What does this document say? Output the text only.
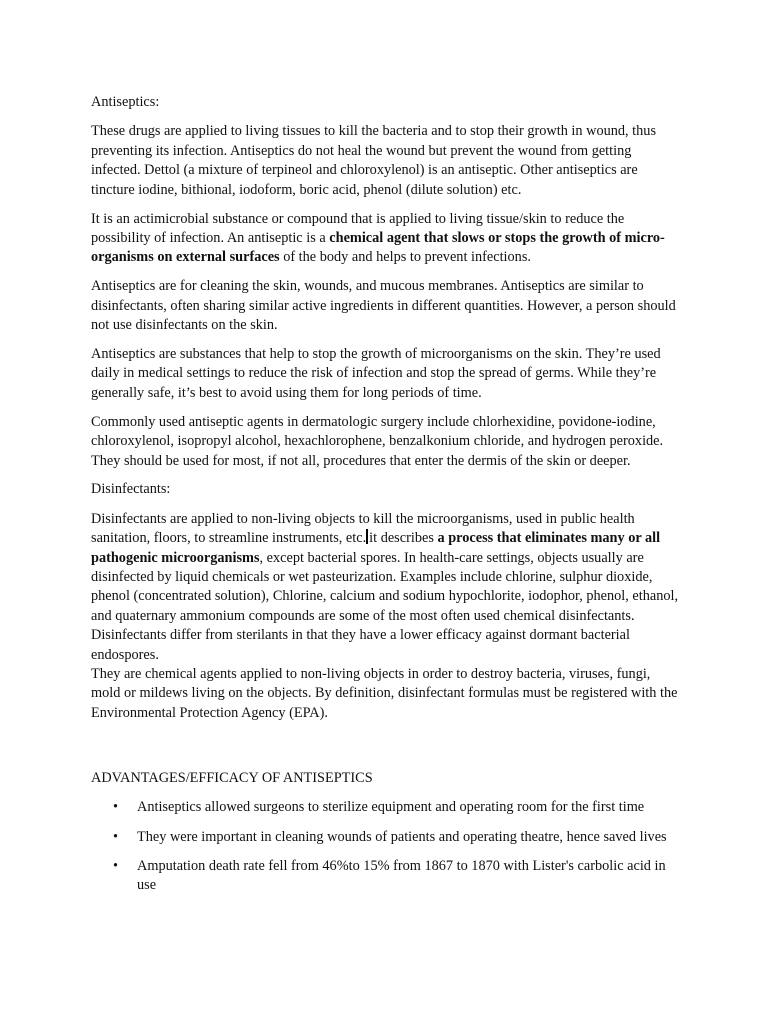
Antiseptics:

These drugs are applied to living tissues to kill the bacteria and to stop their growth in wound, thus preventing its infection. Antiseptics do not heal the wound but prevent the wound from getting infected. Dettol (a mixture of terpineol and chloroxylenol) is an antiseptic. Other antiseptics are tincture iodine, bithional, iodoform, boric acid, phenol (dilute solution) etc.

It is an actimicrobial substance or compound that is applied to living tissue/skin to reduce the possibility of infection. An antiseptic is a chemical agent that slows or stops the growth of micro-organisms on external surfaces of the body and helps to prevent infections.

Antiseptics are for cleaning the skin, wounds, and mucous membranes. Antiseptics are similar to disinfectants, often sharing similar active ingredients in different quantities. However, a person should not use disinfectants on the skin.

Antiseptics are substances that help to stop the growth of microorganisms on the skin. They’re used daily in medical settings to reduce the risk of infection and stop the spread of germs. While they’re generally safe, it’s best to avoid using them for long periods of time.

Commonly used antiseptic agents in dermatologic surgery include chlorhexidine, povidone-iodine, chloroxylenol, isopropyl alcohol, hexachlorophene, benzalkonium chloride, and hydrogen peroxide. They should be used for most, if not all, procedures that enter the dermis of the skin or deeper.

Disinfectants:

Disinfectants are applied to non-living objects to kill the microorganisms, used in public health sanitation, floors, to streamline instruments, etc. it describes a process that eliminates many or all pathogenic microorganisms, except bacterial spores. In health-care settings, objects usually are disinfected by liquid chemicals or wet pasteurization. Examples include chlorine, sulphur dioxide, phenol (concentrated solution), Chlorine, calcium and sodium hypochlorite, iodophor, phenol, ethanol, and quaternary ammonium compounds are some of the most often used chemical disinfectants. Disinfectants differ from sterilants in that they have a lower efficacy against dormant bacterial endospores.

They are chemical agents applied to non-living objects in order to destroy bacteria, viruses, fungi, mold or mildews living on the objects. By definition, disinfectant formulas must be registered with the Environmental Protection Agency (EPA).

ADVANTAGES/EFFICACY OF ANTISEPTICS

• Antiseptics allowed surgeons to sterilize equipment and operating room for the first time
• They were important in cleaning wounds of patients and operating theatre, hence saved lives
• Amputation death rate fell from 46%to 15% from 1867 to 1870 with Lister's carbolic acid in use
